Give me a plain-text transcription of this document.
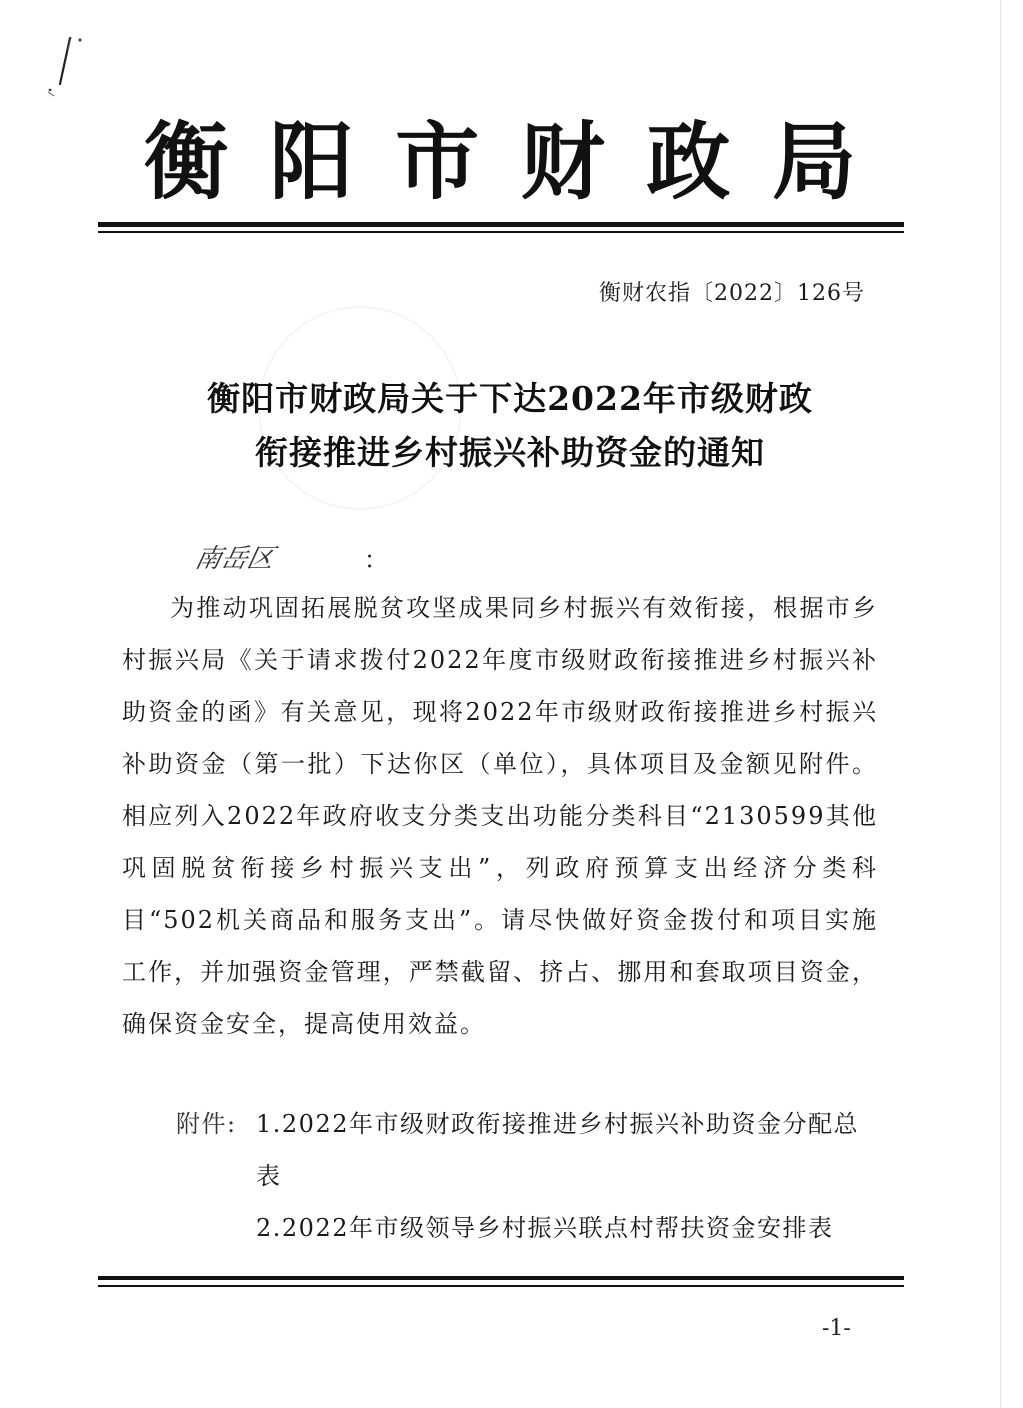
衡 阳 市 财 政 局
衡财农指〔2022〕126号
衡阳市财政局关于下达2022年市级财政
衔接推进乡村振兴补助资金的通知
南岳区	：

为推动巩固拓展脱贫攻坚成果同乡村振兴有效衔接，根据市乡村振兴局《关于请求拨付2022年度市级财政衔接推进乡村振兴补助资金的函》有关意见，现将2022年市级财政衔接推进乡村振兴补助资金（第一批）下达你区（单位），具体项目及金额见附件。相应列入2022年政府收支分类支出功能分类科目“2130599其他巩固脱贫衔接乡村振兴支出”，列政府预算支出经济分类科目“502机关商品和服务支出”。请尽快做好资金拨付和项目实施工作，并加强资金管理，严禁截留、挤占、挪用和套取项目资金，确保资金安全，提高使用效益。

附件: 1.2022年市级财政衔接推进乡村振兴补助资金分配总表
2.2022年市级领导乡村振兴联点村帮扶资金安排表
-1-
